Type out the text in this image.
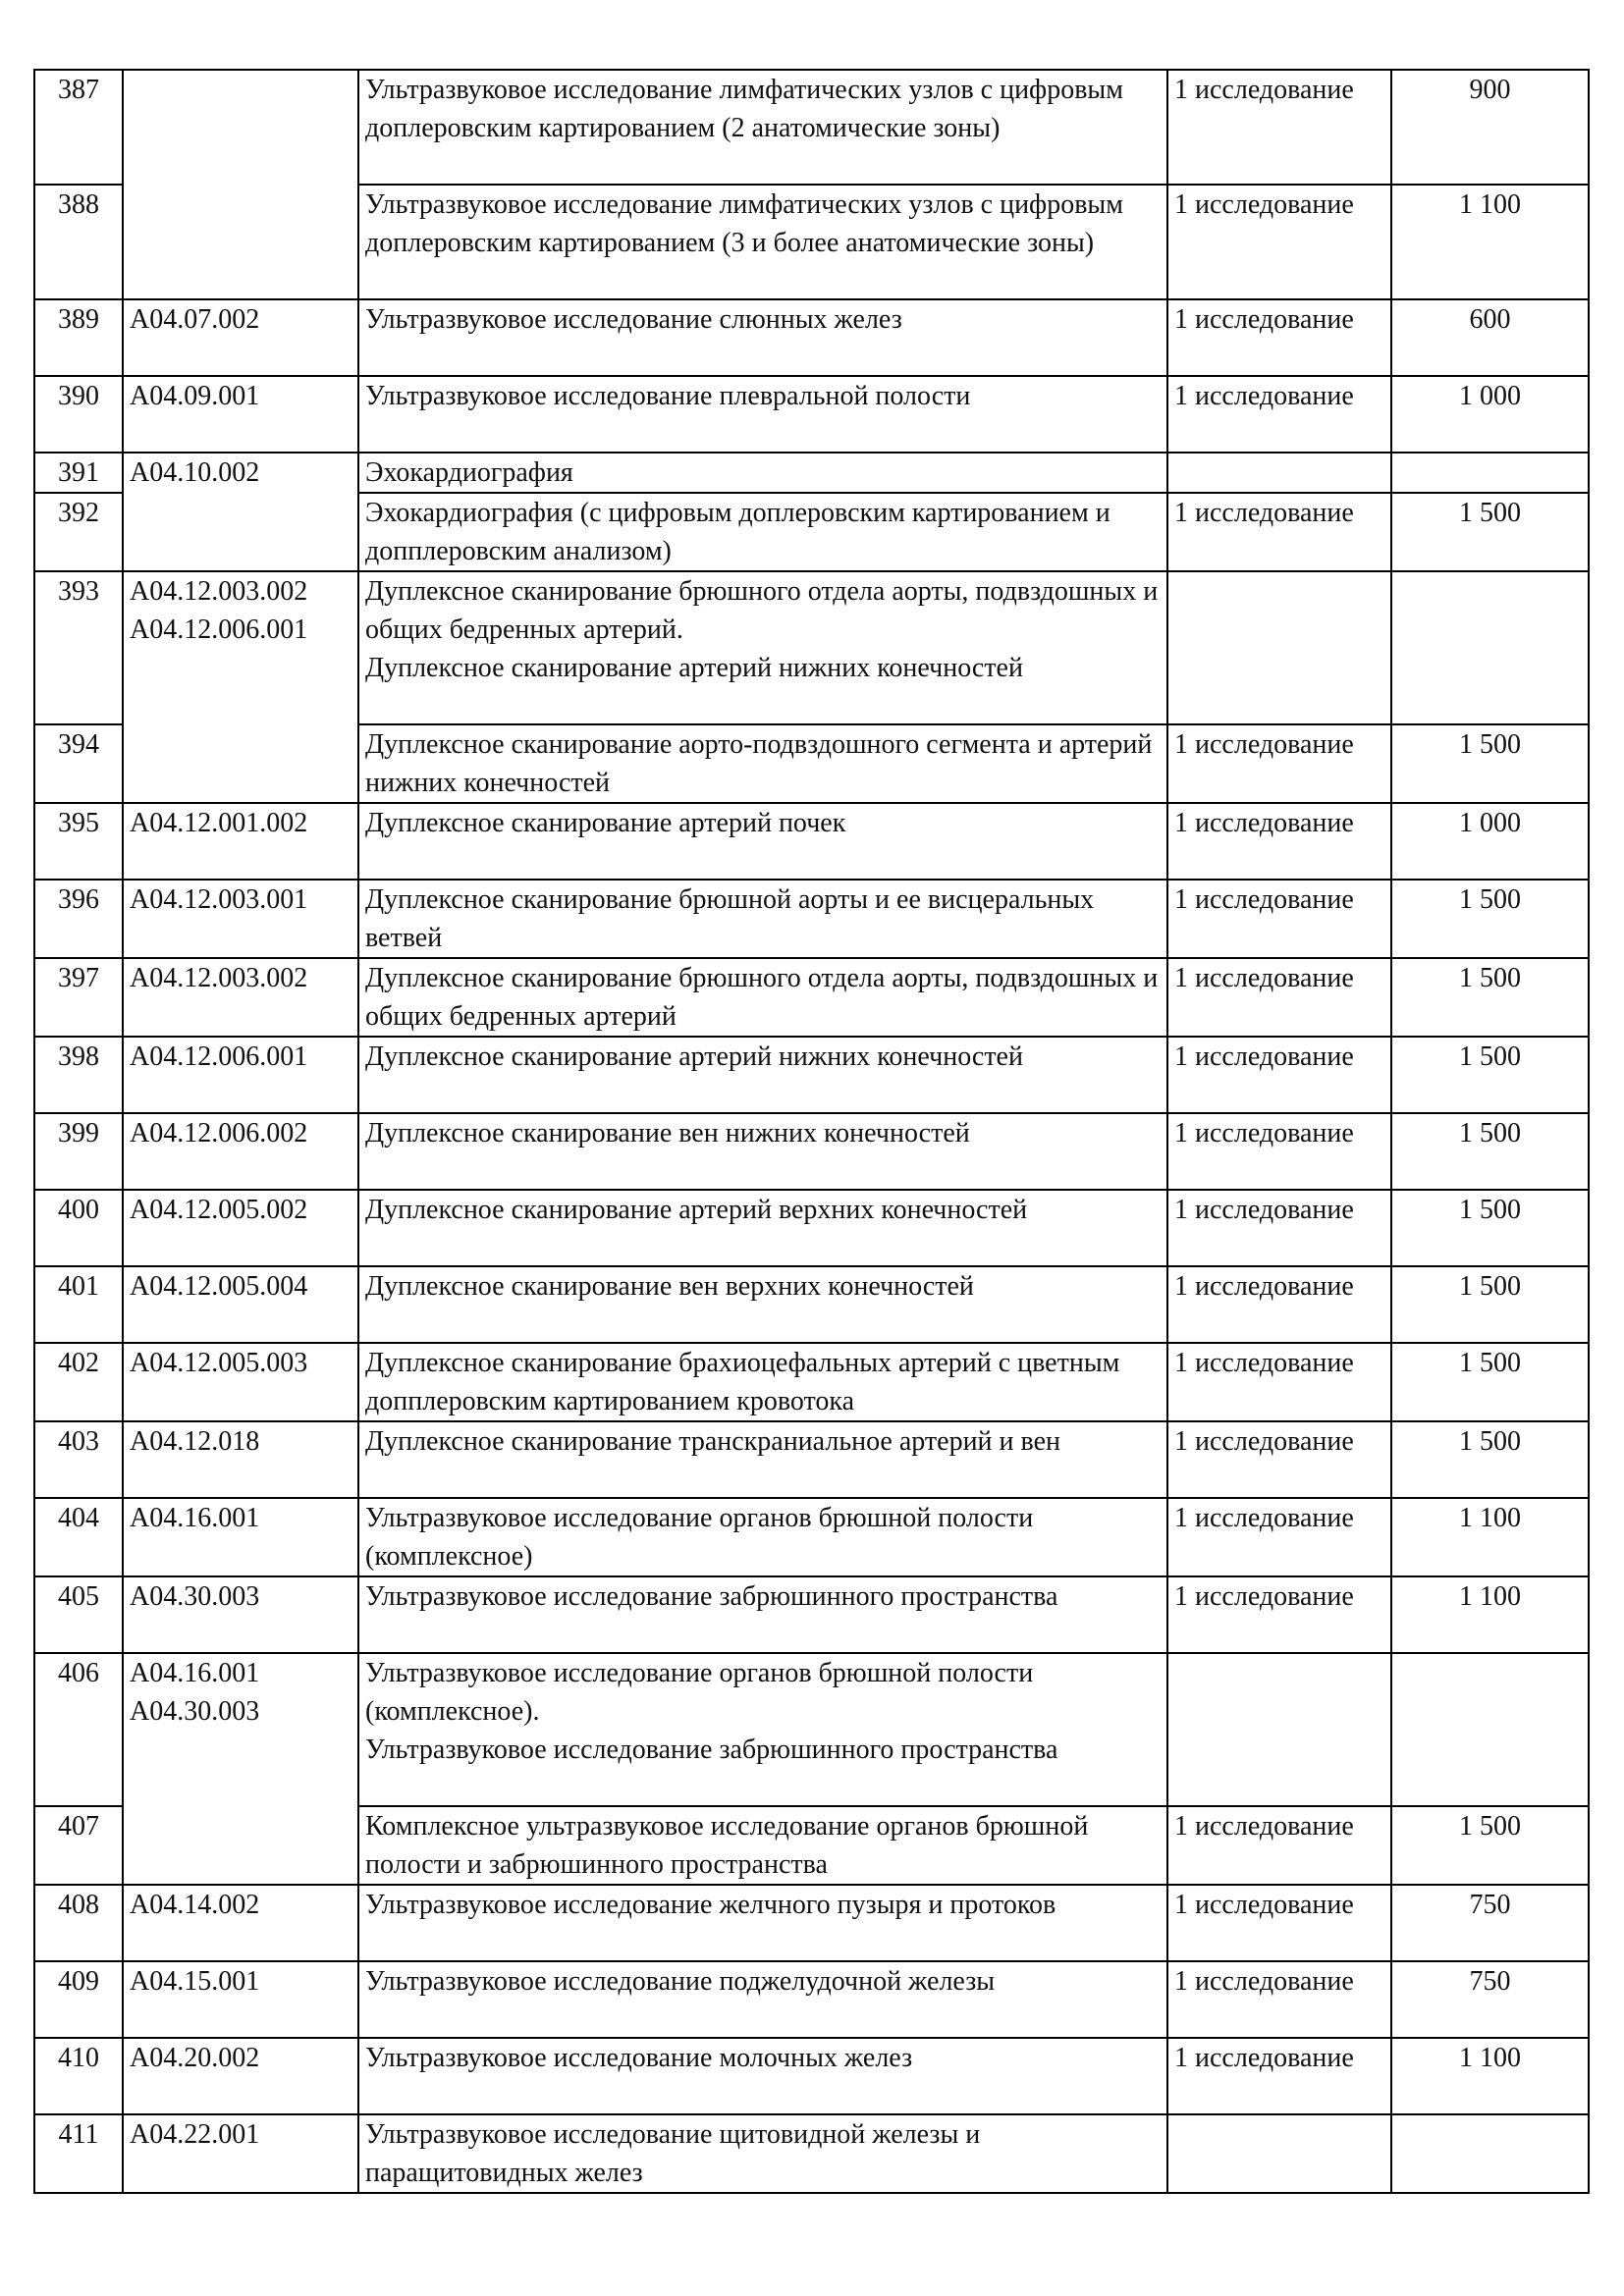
387		Ультразвуковое исследование лимфатических узлов с цифровым доплеровским картированием (2 анатомические зоны)	1 исследование	900
388		Ультразвуковое исследование лимфатических узлов с цифровым доплеровским картированием (3 и более анатомические зоны)	1 исследование	1 100
389	A04.07.002	Ультразвуковое исследование слюнных желез	1 исследование	600
390	A04.09.001	Ультразвуковое исследование плевральной полости	1 исследование	1 000
391	A04.10.002	Эхокардиография		

392		Эхокардиография (с цифровым доплеровским картированием и допплеровским анализом)	1 исследование	1 500
393	A04.12.003.002
A04.12.006.001	Дуплексное сканирование брюшного отдела аорты, подвздошных и общих бедренных артерий.
Дуплексное сканирование артерий нижних конечностей		

394		Дуплексное сканирование аорто-подвздошного сегмента и артерий нижних конечностей	1 исследование	1 500
395	A04.12.001.002	Дуплексное сканирование артерий почек	1 исследование	1 000
396	A04.12.003.001	Дуплексное сканирование брюшной аорты и ее висцеральных ветвей	1 исследование	1 500
397	A04.12.003.002	Дуплексное сканирование брюшного отдела аорты, подвздошных и общих бедренных артерий	1 исследование	1 500
398	A04.12.006.001	Дуплексное сканирование артерий нижних конечностей	1 исследование	1 500
399	A04.12.006.002	Дуплексное сканирование вен нижних конечностей	1 исследование	1 500
400	A04.12.005.002	Дуплексное сканирование артерий верхних конечностей	1 исследование	1 500
401	A04.12.005.004	Дуплексное сканирование вен верхних конечностей	1 исследование	1 500
402	A04.12.005.003	Дуплексное сканирование брахиоцефальных артерий с цветным допплеровским картированием кровотока	1 исследование	1 500
403	A04.12.018	Дуплексное сканирование транскраниальное артерий и вен	1 исследование	1 500
404	A04.16.001	Ультразвуковое исследование органов брюшной полости (комплексное)	1 исследование	1 100
405	A04.30.003	Ультразвуковое исследование забрюшинного пространства	1 исследование	1 100
406	A04.16.001
A04.30.003	Ультразвуковое исследование органов брюшной полости (комплексное).
Ультразвуковое исследование забрюшинного пространства		

407		Комплексное ультразвуковое исследование органов брюшной полости и забрюшинного пространства	1 исследование	1 500
408	A04.14.002	Ультразвуковое исследование желчного пузыря и протоков	1 исследование	750
409	A04.15.001	Ультразвуковое исследование поджелудочной железы	1 исследование	750
410	A04.20.002	Ультразвуковое исследование молочных желез	1 исследование	1 100
411	A04.22.001	Ультразвуковое исследование щитовидной железы и паращитовидных желез		
